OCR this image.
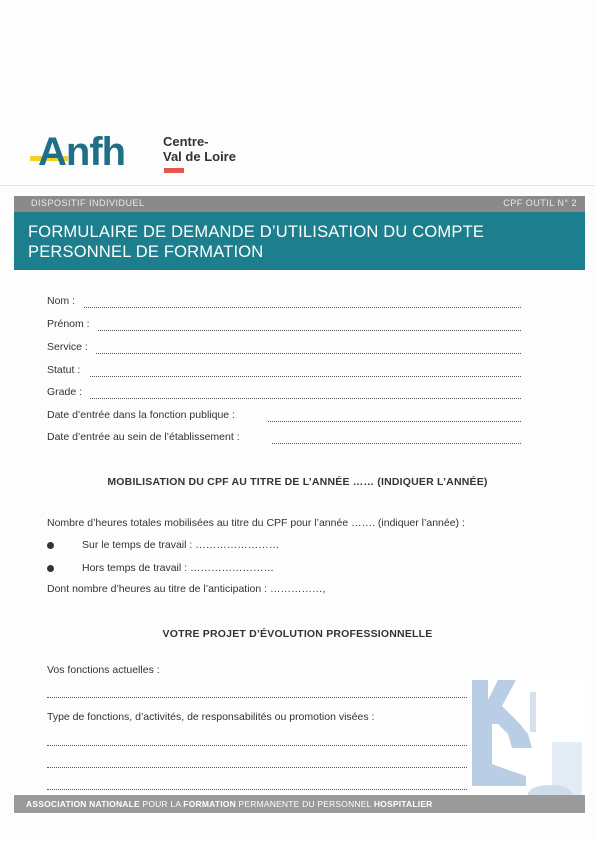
Anfh	Centre-
Val de Loire
DISPOSITIF INDIVIDUEL	CPF OUTIL N° 2
FORMULAIRE DE DEMANDE D’UTILISATION DU COMPTE
PERSONNEL DE FORMATION
Nom :
Prénom :
Service :
Statut :
Grade :
Date d’entrée dans la fonction publique :
Date d’entrée au sein de l’établissement :
MOBILISATION DU CPF AU TITRE DE L’ANNÉE …… (INDIQUER L’ANNÉE)
Nombre d’heures totales mobilisées au titre du CPF pour l’année ……. (indiquer l’année) :
Sur le temps de travail : ……………………
Hors temps de travail : ……………………
Dont nombre d’heures au titre de l’anticipation : ……………,
VOTRE PROJET D’ÉVOLUTION PROFESSIONNELLE
Vos fonctions actuelles :
Type de fonctions, d’activités, de responsabilités ou promotion visées :
ASSOCIATION NATIONALE POUR LA FORMATION PERMANENTE DU PERSONNEL HOSPITALIER
